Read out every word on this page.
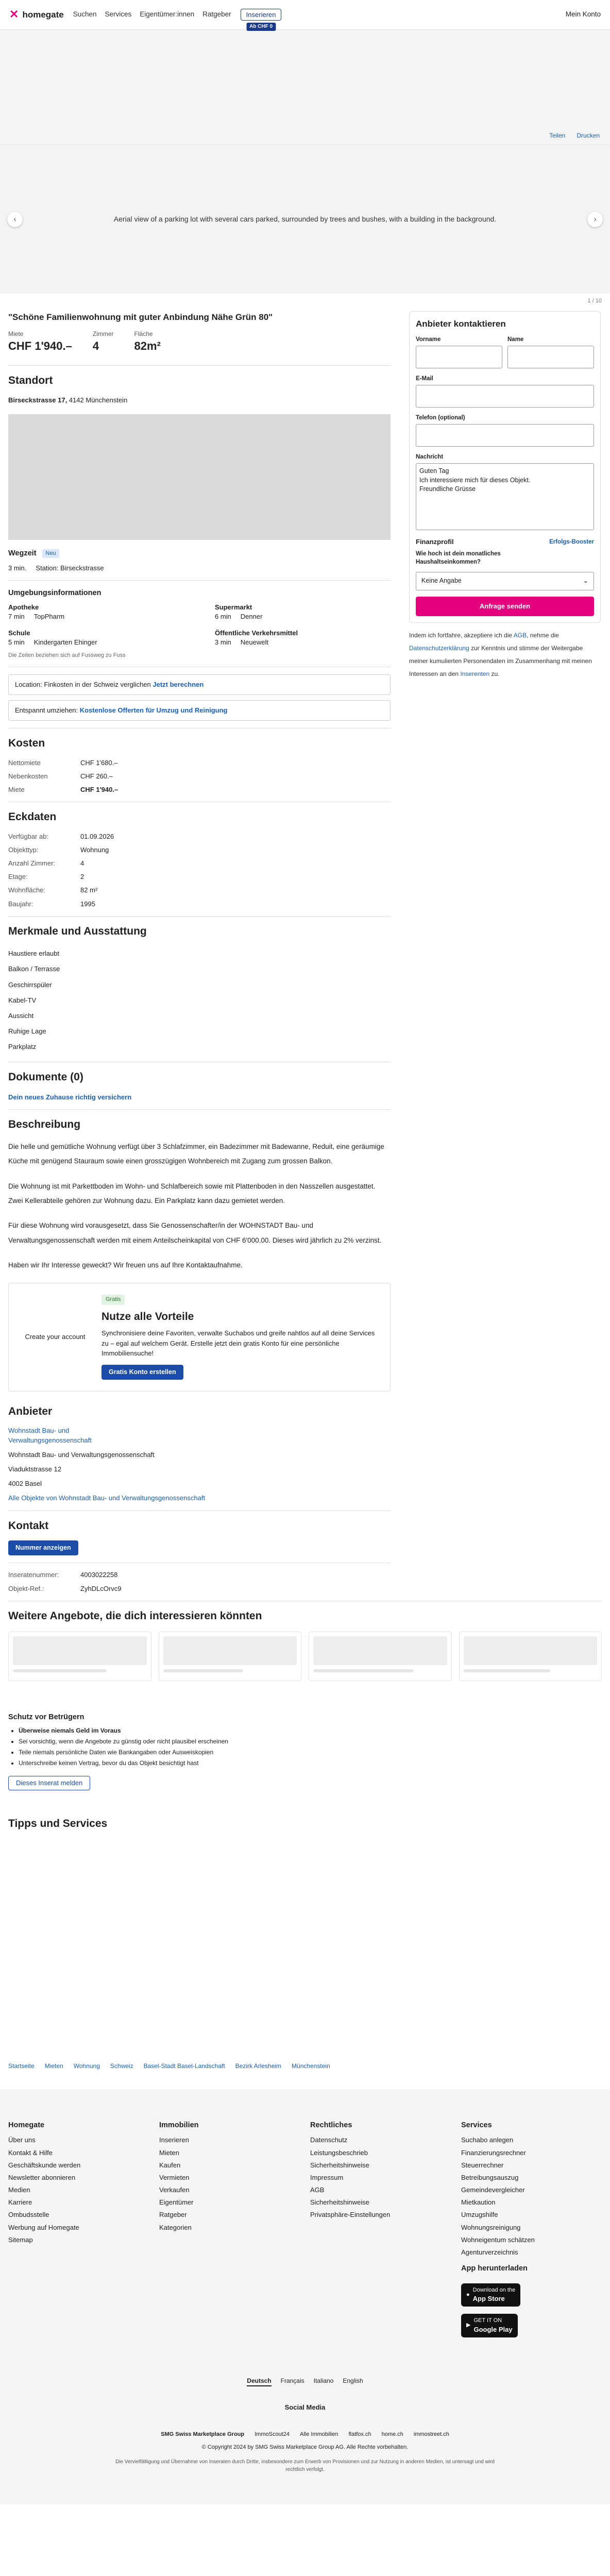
✕ homegate Suchen Services Eigentümer:innen Ratgeber	Inserieren
Ab CHF 0
Mein Konto
Teilen Drucken
‹	Aerial view of a parking lot with several cars parked, surrounded by trees and bushes, with a building in the background.	›
1 / 10
"Schöne Familienwohnung mit guter Anbindung Nähe Grün 80"
Miete
CHF 1'940.–
Zimmer
4
Fläche
82m²
Standort
Birseckstrasse 17, 4142 Münchenstein
Wegzeit Neu
3 min. Station: Birseckstrasse
Umgebungsinformationen
Apotheke
7 min TopPharm
Supermarkt
6 min Denner
Schule
5 min Kindergarten Ehinger
Öffentliche Verkehrsmittel
3 min Neuewelt
Die Zeiten beziehen sich auf Fussweg zu Fuss
Location: Finkosten in der Schweiz verglichen Jetzt berechnen
Entspannt umziehen: Kostenlose Offerten für Umzug und Reinigung
Kosten
Nettomiete	CHF 1'680.–
Nebenkosten	CHF 260.–
Miete	CHF 1'940.–
Eckdaten
Verfügbar ab:	01.09.2026
Objekttyp:	Wohnung
Anzahl Zimmer:	4
Etage:	2
Wohnfläche:	82 m²
Baujahr:	1995
Merkmale und Ausstattung
Haustiere erlaubt
Balkon / Terrasse
Geschirrspüler
Kabel-TV
Aussicht
Ruhige Lage
Parkplatz
Dokumente (0)
Dein neues Zuhause richtig versichern
Beschreibung

Die helle und gemütliche Wohnung verfügt über 3 Schlafzimmer, ein Badezimmer mit Badewanne, Reduit, eine geräumige Küche mit genügend Stauraum sowie einen grosszügigen Wohnbereich mit Zugang zum grossen Balkon.

Die Wohnung ist mit Parkettboden im Wohn- und Schlafbereich sowie mit Plattenboden in den Nasszellen ausgestattet. Zwei Kellerabteile gehören zur Wohnung dazu. Ein Parkplatz kann dazu gemietet werden.

Für diese Wohnung wird vorausgesetzt, dass Sie Genossenschafter/in der WOHNSTADT Bau- und Verwaltungsgenossenschaft werden mit einem Anteilscheinkapital von CHF 6'000.00. Dieses wird jährlich zu 2% verzinst.

Haben wir Ihr Interesse geweckt? Wir freuen uns auf Ihre Kontaktaufnahme.

Create your account
Gratis
Nutze alle Vorteile

Synchronisiere deine Favoriten, verwalte Suchabos und greife nahtlos auf all deine Services zu – egal auf welchem Gerät. Erstelle jetzt dein gratis Konto für eine persönliche Immobiliensuche!

Gratis Konto erstellen
Anbieter
Wohnstadt Bau- und Verwaltungsgenossenschaft
Wohnstadt Bau- und Verwaltungsgenossenschaft
Viaduktstrasse 12
4002 Basel
Alle Objekte von Wohnstadt Bau- und Verwaltungsgenossenschaft
Kontakt
Nummer anzeigen
Inseratenummer:	4003022258
Objekt-Ref.:	ZyhDLcOrvc9
Anbieter kontaktieren
Vorname	Name
E-Mail
Telefon (optional)
Nachricht
Guten Tag
Ich interessiere mich für dieses Objekt.
Freundliche Grüsse
Finanzprofil	Erfolgs-Booster
Wie hoch ist dein monatliches Haushaltseinkommen?
Keine Angabe	⌄
Anfrage senden
Indem ich fortfahre, akzeptiere ich die AGB, nehme die Datenschutzerklärung zur Kenntnis und stimme der Weitergabe meiner kumulierten Personendaten im Zusammenhang mit meinen Interessen an den Inserenten zu.
Weitere Angebote, die dich interessieren könnten
Schutz vor Betrügern
• Überweise niemals Geld im Voraus
• Sei vorsichtig, wenn die Angebote zu günstig oder nicht plausibel erscheinen
• Teile niemals persönliche Daten wie Bankangaben oder Ausweiskopien
• Unterschreibe keinen Vertrag, bevor du das Objekt besichtigt hast
Dieses Inserat melden
Tipps und Services
Startseite Mieten Wohnung Schweiz Basel-Stadt Basel-Landschaft Bezirk Arlesheim Münchenstein
Homegate
Über uns
Kontakt & Hilfe
Geschäftskunde werden
Newsletter abonnieren
Medien
Karriere
Ombudsstelle
Werbung auf Homegate
Sitemap
Immobilien
Inserieren
Mieten
Kaufen
Vermieten
Verkaufen
Eigentümer
Ratgeber
Kategorien
Rechtliches
Datenschutz
Leistungsbeschrieb
Sicherheitshinweise
Impressum
AGB
Sicherheitshinweise
Privatsphäre-Einstellungen
Services
Suchabo anlegen
Finanzierungsrechner
Steuerrechner
Betreibungsauszug
Gemeindevergleicher
Mietkaution
Umzugshilfe
Wohnungsreinigung
Wohneigentum schätzen
Agenturverzeichnis
App herunterladen
●
Download on the
App Store
▶
GET IT ON
Google Play
Deutsch Français Italiano English
Social Media
SMG Swiss Marketplace Group ImmoScout24 Alle Immobilien flatfox.ch home.ch immostreet.ch
© Copyright 2024 by SMG Swiss Marketplace Group AG. Alle Rechte vorbehalten.
Die Vervielfältigung und Übernahme von Inseraten durch Dritte, insbesondere zum Erwerb von Provisionen und zur Nutzung in anderen Medien, ist untersagt und wird rechtlich verfolgt.
